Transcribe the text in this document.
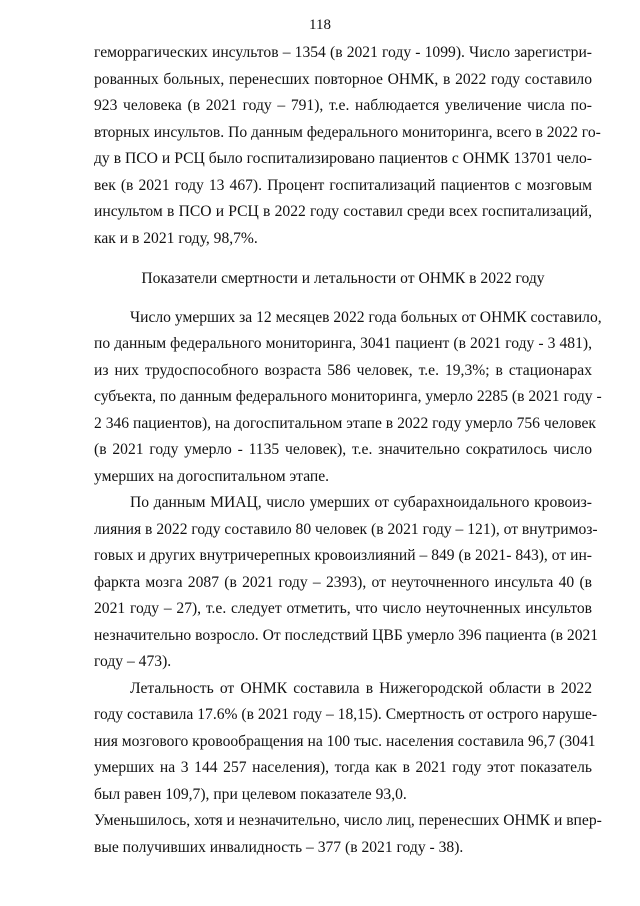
118

геморрагических инсультов – 1354 (в 2021 году - 1099). Число зарегистри-
рованных больных, перенесших повторное ОНМК, в 2022 году составило
923 человека (в 2021 году – 791), т.е. наблюдается увеличение числа по-
вторных инсультов. По данным федерального мониторинга, всего в 2022 го-
ду в ПСО и РСЦ было госпитализировано пациентов с ОНМК 13701 чело-
век (в 2021 году 13 467). Процент госпитализаций пациентов с мозговым
инсультом в ПСО и РСЦ в 2022 году составил среди всех госпитализаций,
как и в 2021 году, 98,7%.

Показатели смертности и летальности от ОНМК в 2022 году

Число умерших за 12 месяцев 2022 года больных от ОНМК составило,
по данным федерального мониторинга, 3041 пациент (в 2021 году - 3 481),
из них трудоспособного возраста 586 человек, т.е. 19,3%; в стационарах
субъекта, по данным федерального мониторинга, умерло 2285 (в 2021 году -
2 346 пациентов), на догоспитальном этапе в 2022 году умерло 756 человек
(в 2021 году умерло - 1135 человек), т.е. значительно сократилось число
умерших на догоспитальном этапе.

По данным МИАЦ, число умерших от субарахноидального кровоиз-
лияния в 2022 году составило 80 человек (в 2021 году – 121), от внутримоз-
говых и других внутричерепных кровоизлияний – 849 (в 2021- 843), от ин-
фаркта мозга 2087 (в 2021 году – 2393), от неуточненного инсульта 40 (в
2021 году – 27), т.е. следует отметить, что число неуточненных инсультов
незначительно возросло. От последствий ЦВБ умерло 396 пациента (в 2021
году – 473).

Летальность от ОНМК составила в Нижегородской области в 2022
году составила 17.6% (в 2021 году – 18,15). Смертность от острого наруше-
ния мозгового кровообращения на 100 тыс. населения составила 96,7 (3041
умерших на 3 144 257 населения), тогда как в 2021 году этот показатель
был равен 109,7), при целевом показателе 93,0.

Уменьшилось, хотя и незначительно, число лиц, перенесших ОНМК и впер-
вые получивших инвалидность – 377 (в 2021 году - 38).
